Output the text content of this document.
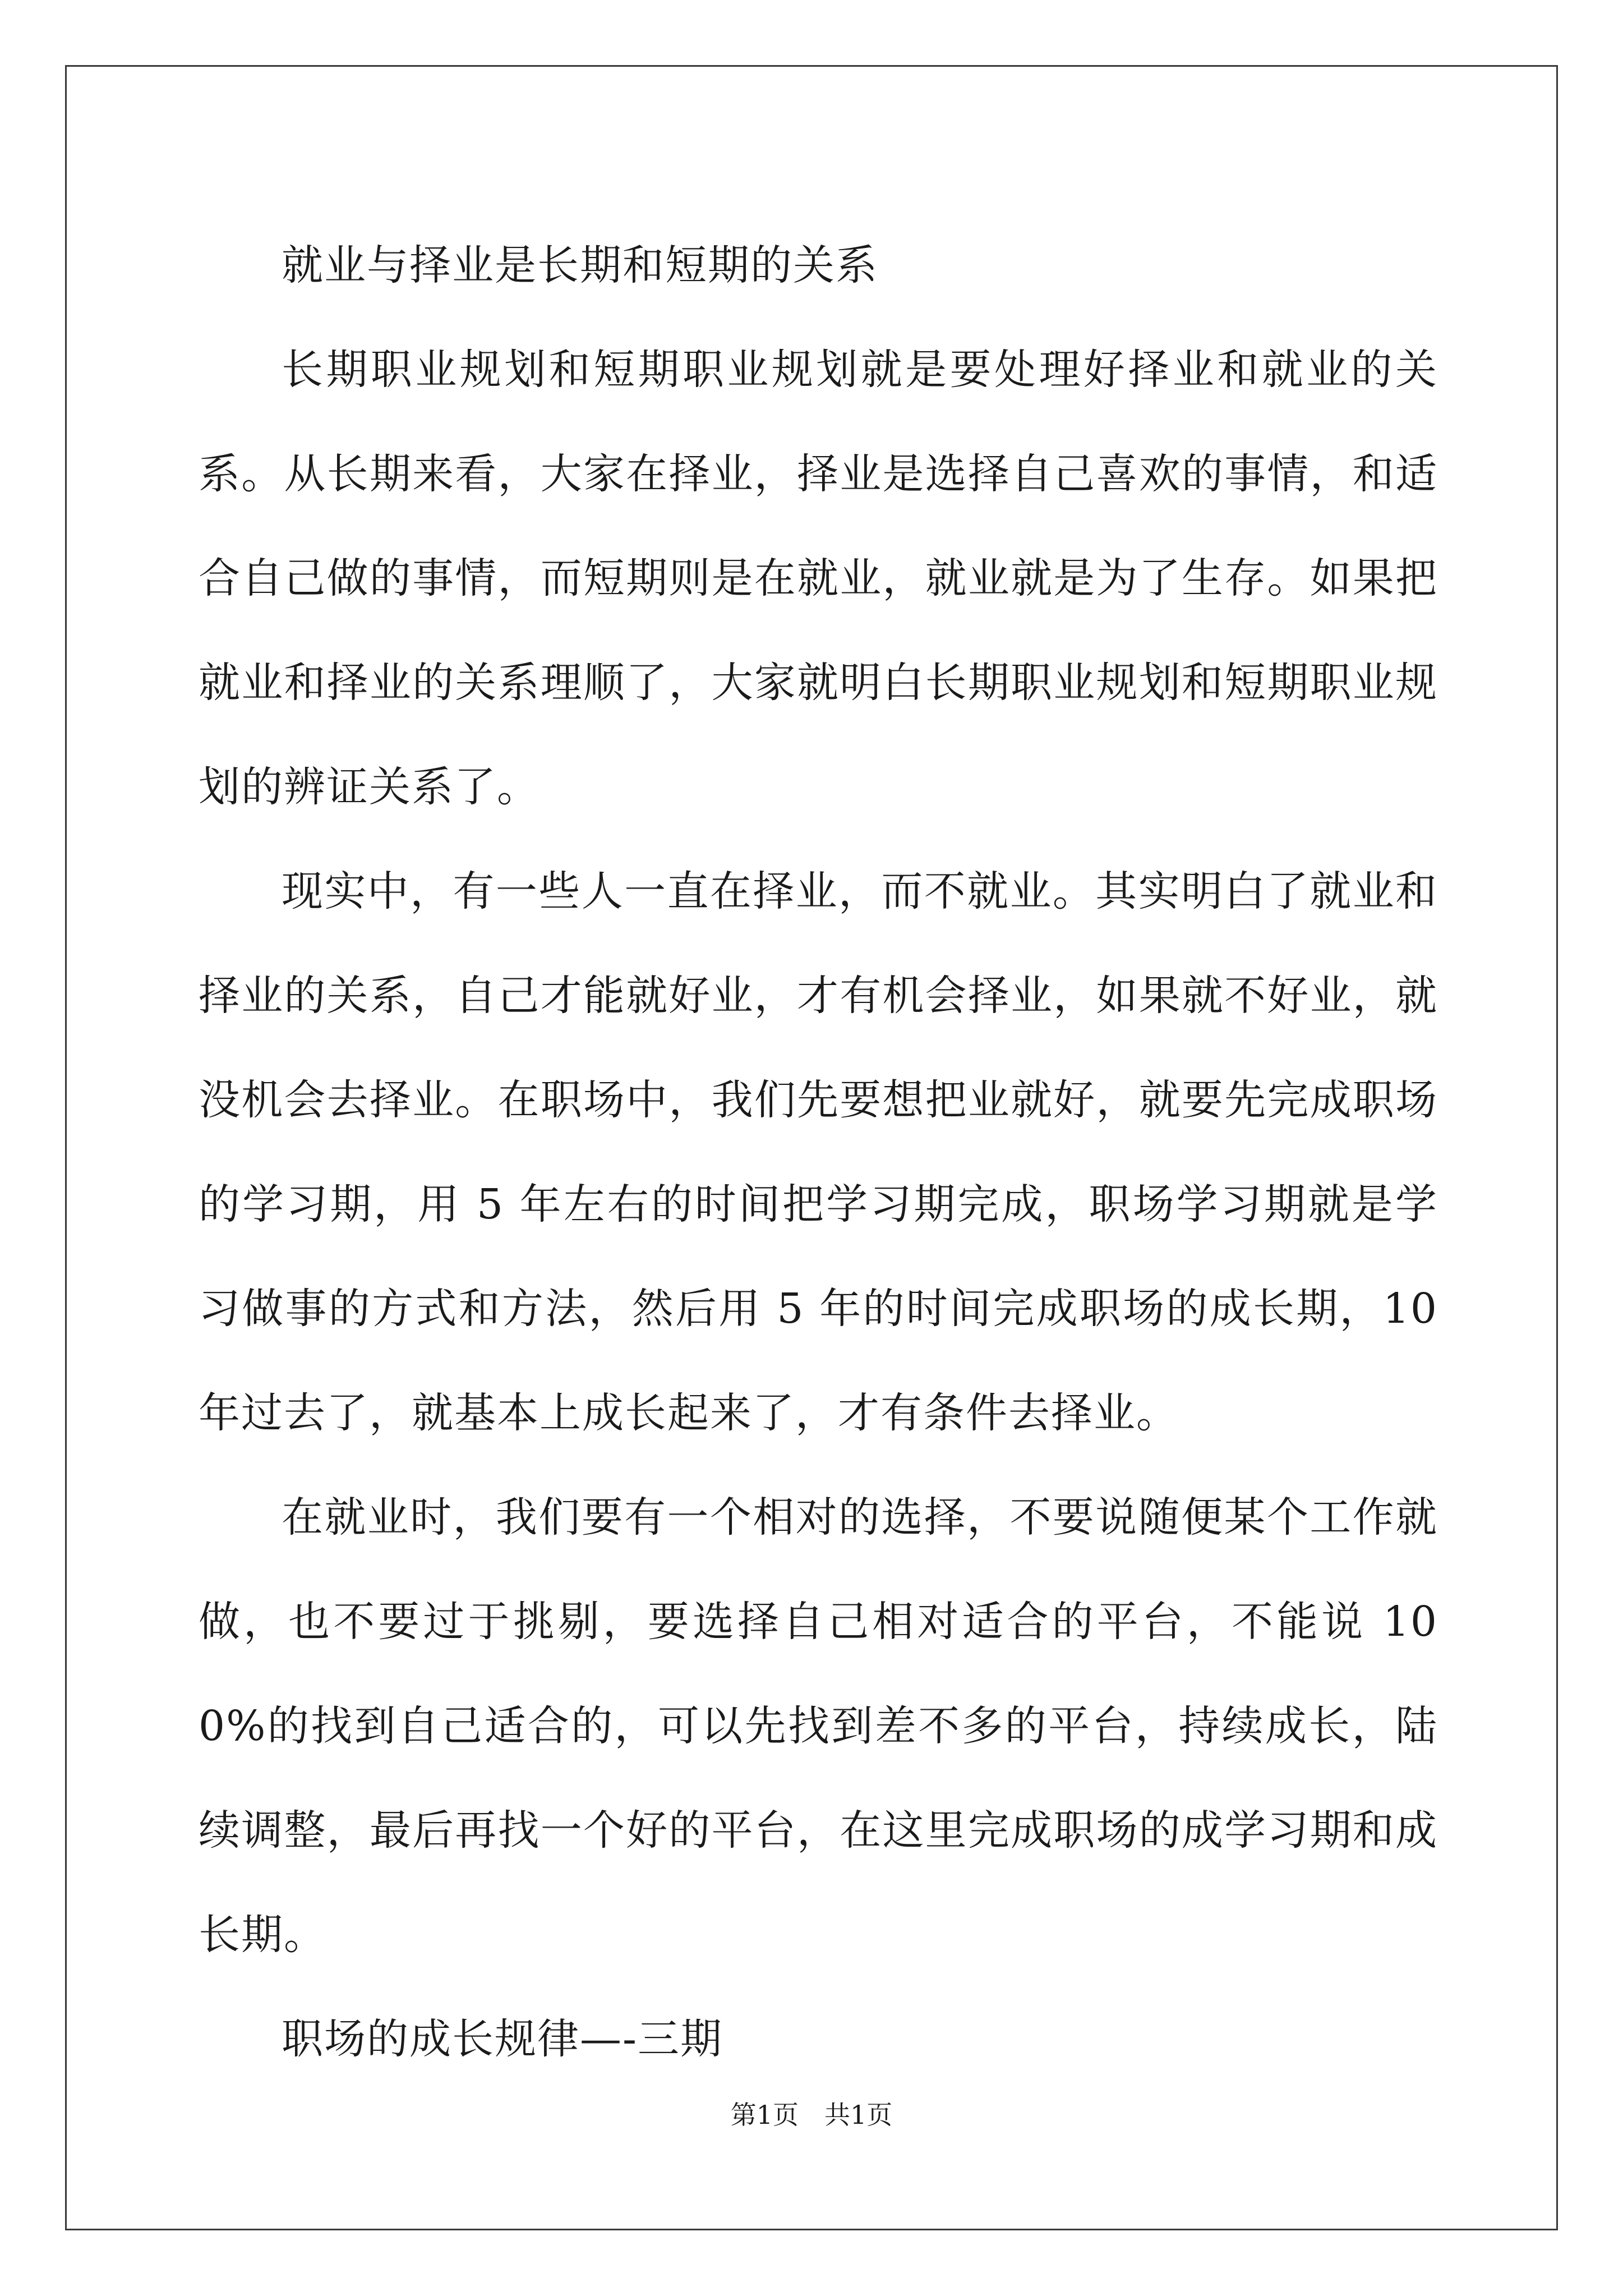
就业与择业是长期和短期的关系

长期职业规划和短期职业规划就是要处理好择业和就业的关系。从长期来看，大家在择业，择业是选择自己喜欢的事情，和适合自己做的事情，而短期则是在就业，就业就是为了生存。如果把就业和择业的关系理顺了，大家就明白长期职业规划和短期职业规划的辨证关系了。

现实中，有一些人一直在择业，而不就业。其实明白了就业和择业的关系，自己才能就好业，才有机会择业，如果就不好业，就没机会去择业。在职场中，我们先要想把业就好，就要先完成职场的学习期，用 5 年左右的时间把学习期完成，职场学习期就是学习做事的方式和方法，然后用 5 年的时间完成职场的成长期，10 年过去了，就基本上成长起来了，才有条件去择业。

在就业时，我们要有一个相对的选择，不要说随便某个工作就做，也不要过于挑剔，要选择自己相对适合的平台，不能说 100%的找到自己适合的，可以先找到差不多的平台，持续成长，陆续调整，最后再找一个好的平台，在这里完成职场的成学习期和成长期。

职场的成长规律—-三期

第1页　共1页
